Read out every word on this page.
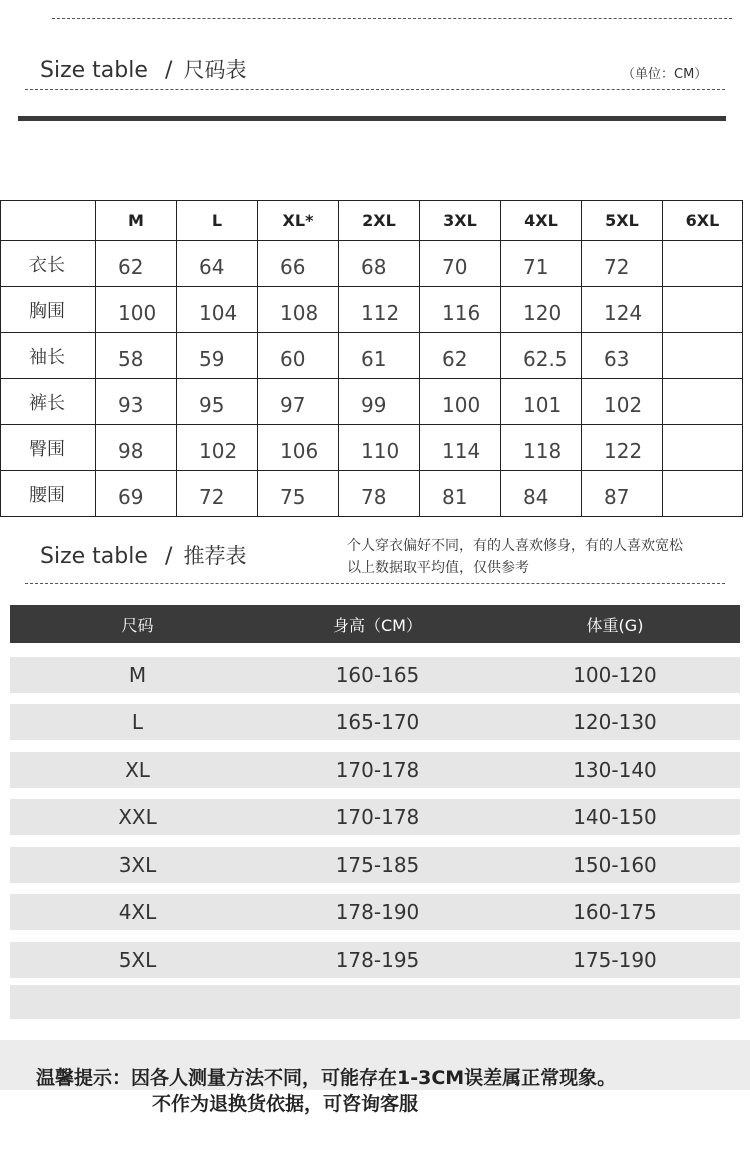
Size table / 尺码表	（单位：CM）
	M	L	XL*	2XL	3XL	4XL	5XL	6XL
衣长	62	64	66	68	70	71	72	
胸围	100	104	108	112	116	120	124	
袖长	58	59	60	61	62	62.5	63	
裤长	93	95	97	99	100	101	102	
臀围	98	102	106	110	114	118	122	
腰围	69	72	75	78	81	84	87	
Size table / 推荐表	个人穿衣偏好不同，有的人喜欢修身，有的人喜欢宽松
以上数据取平均值，仅供参考
尺码	身高（CM）	体重(G)
M	160-165	100-120
L	165-170	120-130
XL	170-178	130-140
XXL	170-178	140-150
3XL	175-185	150-160
4XL	178-190	160-175
5XL	178-195	175-190
温馨提示：因各人测量方法不同，可能存在1-3CM误差属正常现象。
不作为退换货依据，可咨询客服
